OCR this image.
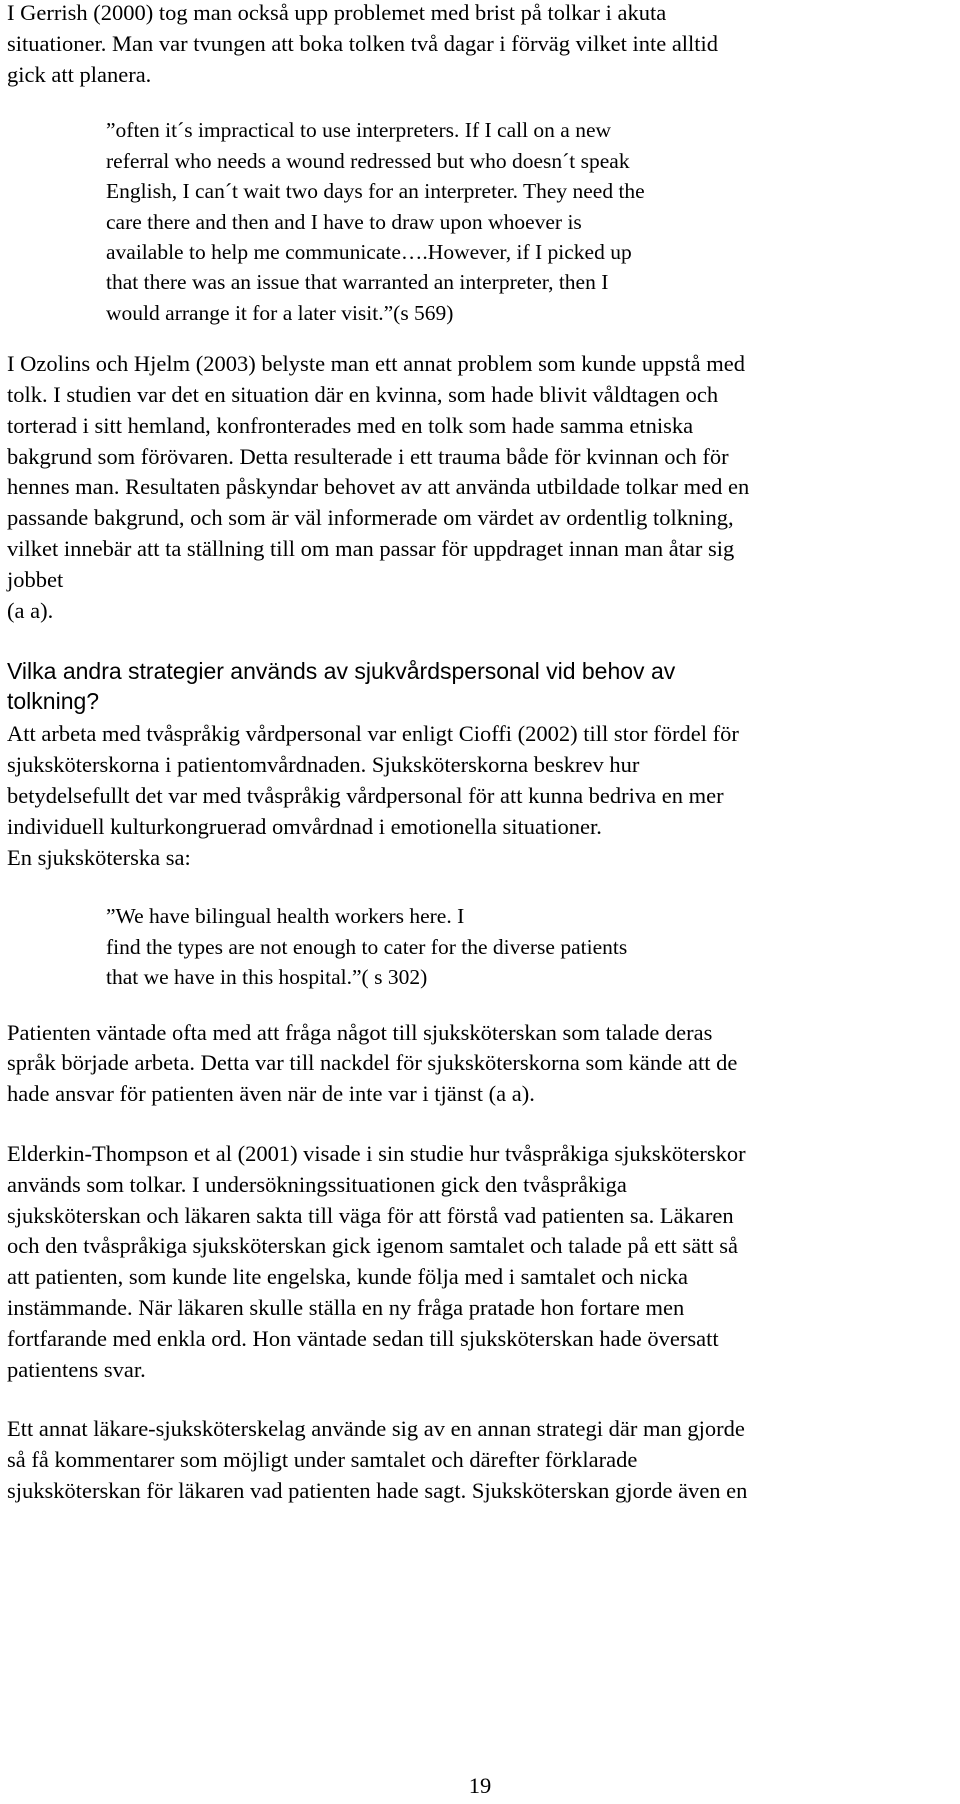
I Gerrish (2000) tog man också upp problemet med brist på tolkar i akuta
situationer. Man var tvungen att boka tolken två dagar i förväg vilket inte alltid
gick att planera.

”often it´s impractical to use interpreters. If I call on a new
referral who needs a wound redressed but who doesn´t speak
English, I can´t wait two days for an interpreter. They need the
care there and then and I have to draw upon whoever is
available to help me communicate….However, if I picked up
that there was an issue that warranted an interpreter, then I
would arrange it for a later visit.”(s 569)

I Ozolins och Hjelm (2003) belyste man ett annat problem som kunde uppstå med
tolk. I studien var det en situation där en kvinna, som hade blivit våldtagen och
torterad i sitt hemland, konfronterades med en tolk som hade samma etniska
bakgrund som förövaren. Detta resulterade i ett trauma både för kvinnan och för
hennes man. Resultaten påskyndar behovet av att använda utbildade tolkar med en
passande bakgrund, och som är väl informerade om värdet av ordentlig tolkning,
vilket innebär att ta ställning till om man passar för uppdraget innan man åtar sig
jobbet
(a a).

Vilka andra strategier används av sjukvårdspersonal vid behov av
tolkning?

Att arbeta med tvåspråkig vårdpersonal var enligt Cioffi (2002) till stor fördel för
sjuksköterskorna i patientomvårdnaden. Sjuksköterskorna beskrev hur
betydelsefullt det var med tvåspråkig vårdpersonal för att kunna bedriva en mer
individuell kulturkongruerad omvårdnad i emotionella situationer.
En sjuksköterska sa:

”We have bilingual health workers here. I
find the types are not enough to cater for the diverse patients
that we have in this hospital.”( s 302)

Patienten väntade ofta med att fråga något till sjuksköterskan som talade deras
språk började arbeta. Detta var till nackdel för sjuksköterskorna som kände att de
hade ansvar för patienten även när de inte var i tjänst (a a).

Elderkin-Thompson et al (2001) visade i sin studie hur tvåspråkiga sjuksköterskor
används som tolkar. I undersökningssituationen gick den tvåspråkiga
sjuksköterskan och läkaren sakta till väga för att förstå vad patienten sa. Läkaren
och den tvåspråkiga sjuksköterskan gick igenom samtalet och talade på ett sätt så
att patienten, som kunde lite engelska, kunde följa med i samtalet och nicka
instämmande. När läkaren skulle ställa en ny fråga pratade hon fortare men
fortfarande med enkla ord. Hon väntade sedan till sjuksköterskan hade översatt
patientens svar.

Ett annat läkare-sjuksköterskelag använde sig av en annan strategi där man gjorde
så få kommentarer som möjligt under samtalet och därefter förklarade
sjuksköterskan för läkaren vad patienten hade sagt. Sjuksköterskan gjorde även en

19
